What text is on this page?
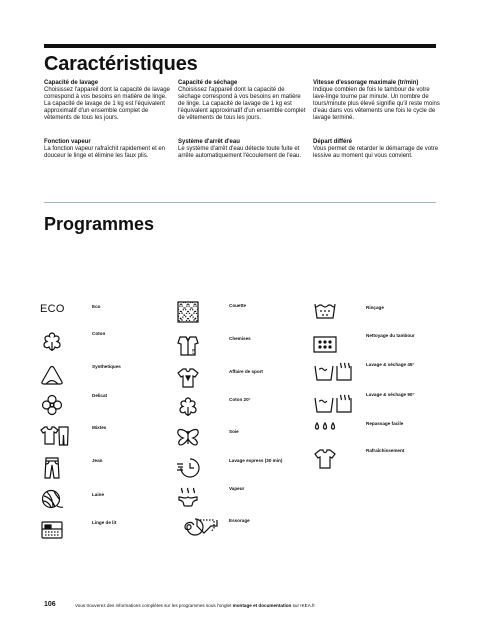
Caractéristiques
Capacité de lavage
Choisissez l'appareil dont la capacité de lavage correspond à vos besoins en matière de linge. La capacité de lavage de 1 kg est l'équivalent approximatif d'un ensemble complet de vêtements de tous les jours.
Capacité de séchage
Choisissez l'appareil dont la capacité de séchage correspond à vos besoins en matière de linge. La capacité de lavage de 1 kg est l'équivalent approximatif d'un ensemble complet de vêtements de tous les jours.
Vitesse d'essorage maximale (tr/min)
Indique combien de fois le tambour de votre lave-linge tourne par minute. Un nombre de tours/minute plus élevé signifie qu'il reste moins d'eau dans vos vêtements une fois le cycle de lavage terminé.
Fonction vapeur
La fonction vapeur rafraîchit rapidement et en douceur le linge et élimine les faux plis.
Système d'arrêt d'eau
Le système d'arrêt d'eau détecte toute fuite et arrête automatiquement l'écoulement de l'eau.
Départ différé
Vous permet de retarder le démarrage de votre lessive au moment qui vous convient.
Programmes
ECO	Eco
Coton
Synthetiques
Delicat
Mixtes
Jean
Laine
Linge de lit
Couette
5
Chemises
Affaire de sport
Coton 20°
Soie
Lavage express (30 min)
Vapeur
Essorage
Rinçage
Nettoyage du tambour
Lavage & séchage 45°
Lavage & séchage 90°
Repassage facile
Rafraîchissement
106	Vous trouverez des informations complètes sur les programmes sous l'onglet montage et documentation sur IKEA.fr
